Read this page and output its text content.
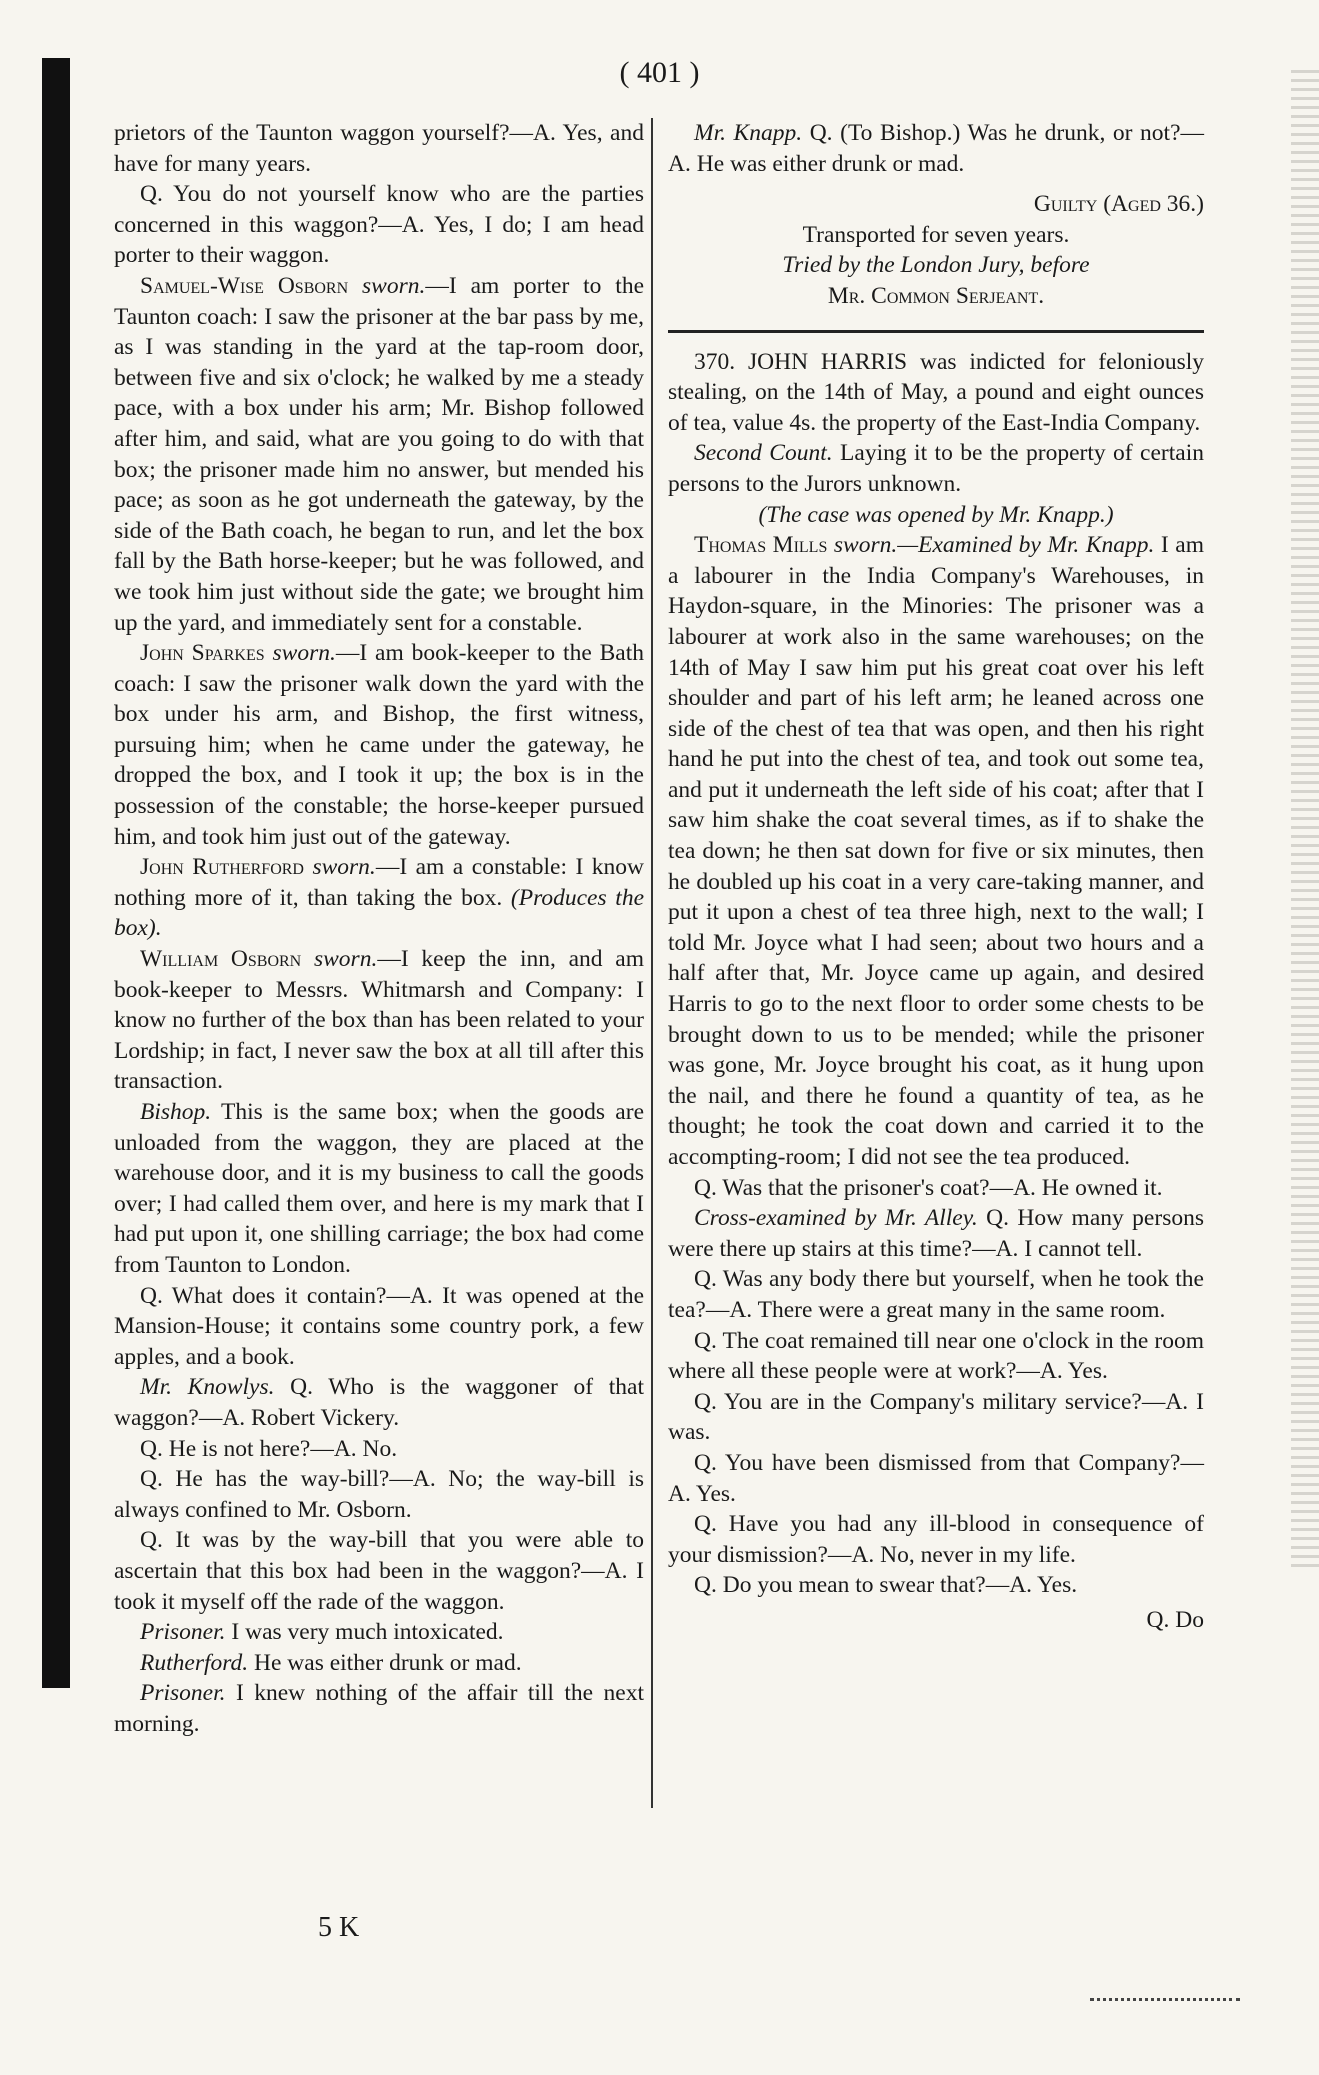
( 401 )

prietors of the Taunton waggon yourself?—A. Yes, and have for many years.

Q. You do not yourself know who are the parties concerned in this waggon?—A. Yes, I do; I am head porter to their waggon.

Samuel-Wise Osborn sworn.—I am porter to the Taunton coach: I saw the prisoner at the bar pass by me, as I was standing in the yard at the tap-room door, between five and six o'clock; he walked by me a steady pace, with a box under his arm; Mr. Bishop followed after him, and said, what are you going to do with that box; the prisoner made him no answer, but mended his pace; as soon as he got underneath the gateway, by the side of the Bath coach, he began to run, and let the box fall by the Bath horse-keeper; but he was followed, and we took him just without side the gate; we brought him up the yard, and immediately sent for a constable.

John Sparkes sworn.—I am book-keeper to the Bath coach: I saw the prisoner walk down the yard with the box under his arm, and Bishop, the first witness, pursuing him; when he came under the gateway, he dropped the box, and I took it up; the box is in the possession of the constable; the horse-keeper pursued him, and took him just out of the gateway.

John Rutherford sworn.—I am a constable: I know nothing more of it, than taking the box. (Produces the box).

William Osborn sworn.—I keep the inn, and am book-keeper to Messrs. Whitmarsh and Company: I know no further of the box than has been related to your Lordship; in fact, I never saw the box at all till after this transaction.

Bishop. This is the same box; when the goods are unloaded from the waggon, they are placed at the warehouse door, and it is my business to call the goods over; I had called them over, and here is my mark that I had put upon it, one shilling carriage; the box had come from Taunton to London.

Q. What does it contain?—A. It was opened at the Mansion-House; it contains some country pork, a few apples, and a book.

Mr. Knowlys. Q. Who is the waggoner of that waggon?—A. Robert Vickery.

Q. He is not here?—A. No.

Q. He has the way-bill?—A. No; the way-bill is always confined to Mr. Osborn.

Q. It was by the way-bill that you were able to ascertain that this box had been in the waggon?—A. I took it myself off the rade of the waggon.

Prisoner. I was very much intoxicated.

Rutherford. He was either drunk or mad.

Prisoner. I knew nothing of the affair till the next morning.

Mr. Knapp. Q. (To Bishop.) Was he drunk, or not?—A. He was either drunk or mad.

Guilty (Aged 36.)

Transported for seven years.

Tried by the London Jury, before

Mr. Common Serjeant.

370. JOHN HARRIS was indicted for feloniously stealing, on the 14th of May, a pound and eight ounces of tea, value 4s. the property of the East-India Company.

Second Count. Laying it to be the property of certain persons to the Jurors unknown.

(The case was opened by Mr. Knapp.)

Thomas Mills sworn.—Examined by Mr. Knapp. I am a labourer in the India Company's Warehouses, in Haydon-square, in the Minories: The prisoner was a labourer at work also in the same warehouses; on the 14th of May I saw him put his great coat over his left shoulder and part of his left arm; he leaned across one side of the chest of tea that was open, and then his right hand he put into the chest of tea, and took out some tea, and put it underneath the left side of his coat; after that I saw him shake the coat several times, as if to shake the tea down; he then sat down for five or six minutes, then he doubled up his coat in a very care-taking manner, and put it upon a chest of tea three high, next to the wall; I told Mr. Joyce what I had seen; about two hours and a half after that, Mr. Joyce came up again, and desired Harris to go to the next floor to order some chests to be brought down to us to be mended; while the prisoner was gone, Mr. Joyce brought his coat, as it hung upon the nail, and there he found a quantity of tea, as he thought; he took the coat down and carried it to the accompting-room; I did not see the tea produced.

Q. Was that the prisoner's coat?—A. He owned it.

Cross-examined by Mr. Alley. Q. How many persons were there up stairs at this time?—A. I cannot tell.

Q. Was any body there but yourself, when he took the tea?—A. There were a great many in the same room.

Q. The coat remained till near one o'clock in the room where all these people were at work?—A. Yes.

Q. You are in the Company's military service?—A. I was.

Q. You have been dismissed from that Company?—A. Yes.

Q. Have you had any ill-blood in consequence of your dismission?—A. No, never in my life.

Q. Do you mean to swear that?—A. Yes.

Q. Do

5 K
